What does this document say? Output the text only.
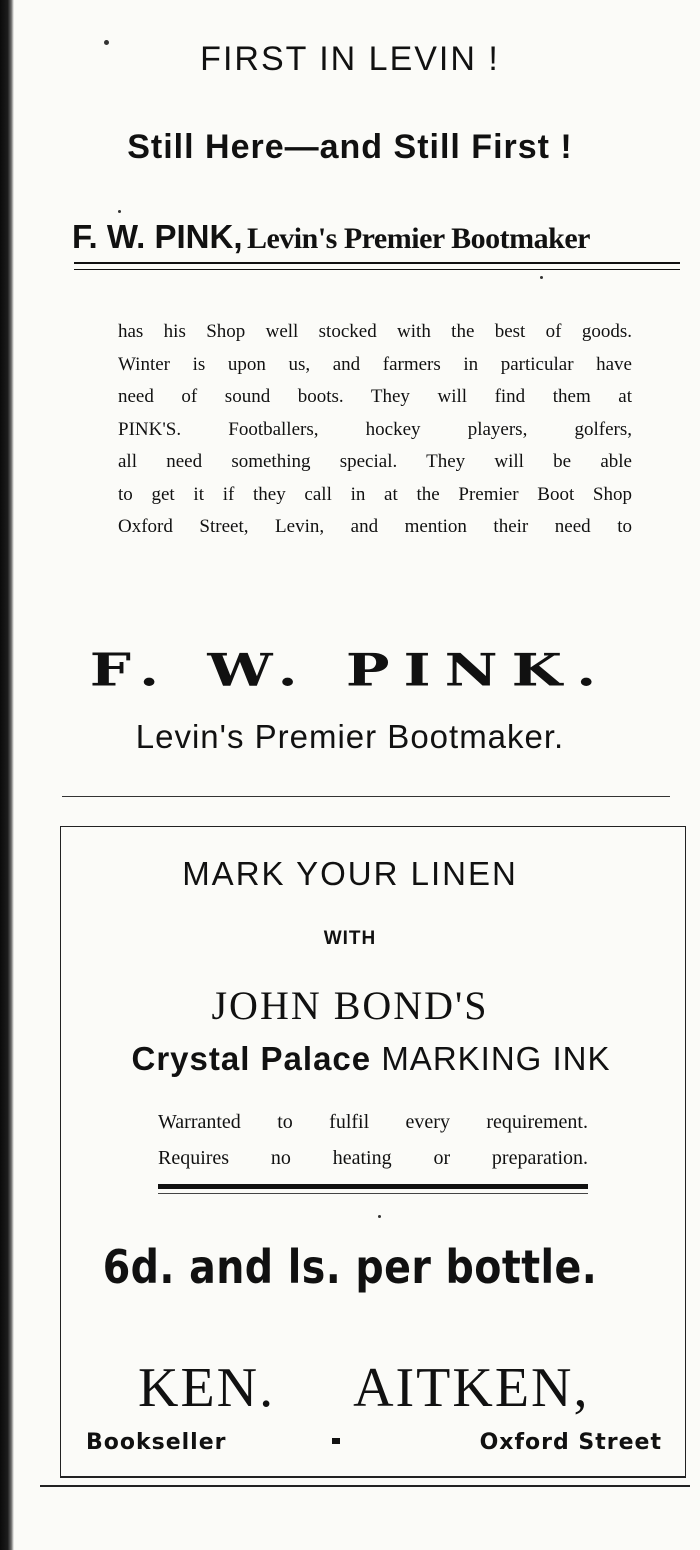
FIRST IN LEVIN !
Still Here—and Still First !
F. W. PINK, Levin's Premier Bootmaker
has his Shop well stocked with the best of goods.
Winter is upon us, and farmers in particular have
need of sound boots. They will find them at
PINK'S. Footballers, hockey players, golfers,
all need something special. They will be able
to get it if they call in at the Premier Boot Shop
Oxford Street, Levin, and mention their need to
F. W. PINK.
Levin's Premier Bootmaker.
MARK YOUR LINEN
WITH
JOHN BOND'S
Crystal Palace MARKING INK
Warranted to fulfil every requirement.
Requires no heating or preparation.
6d. and ls. per bottle.
KEN. AITKEN,
Bookseller	Oxford Street
